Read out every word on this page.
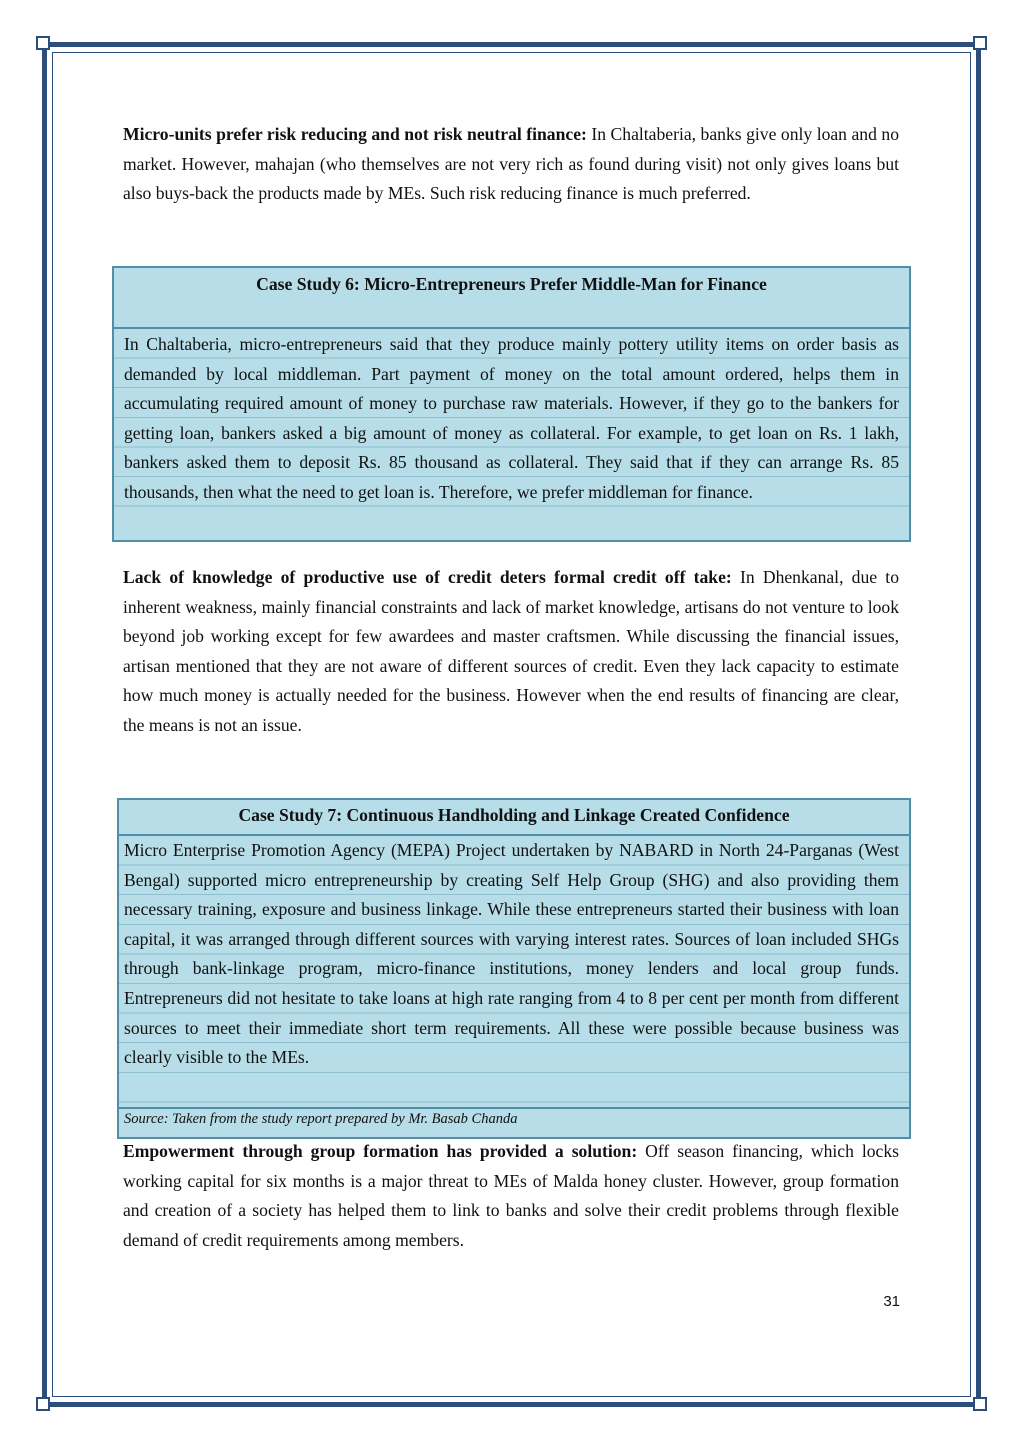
Micro-units prefer risk reducing and not risk neutral finance: In Chaltaberia, banks give only loan and no market. However, mahajan (who themselves are not very rich as found during visit) not only gives loans but also buys-back the products made by MEs. Such risk reducing finance is much preferred.

Case Study 6: Micro-Entrepreneurs Prefer Middle-Man for Finance
In Chaltaberia, micro-entrepreneurs said that they produce mainly pottery utility items on order basis as demanded by local middleman. Part payment of money on the total amount ordered, helps them in accumulating required amount of money to purchase raw materials. However, if they go to the bankers for getting loan, bankers asked a big amount of money as collateral. For example, to get loan on Rs. 1 lakh, bankers asked them to deposit Rs. 85 thousand as collateral. They said that if they can arrange Rs. 85 thousands, then what the need to get loan is. Therefore, we prefer middleman for finance.

Lack of knowledge of productive use of credit deters formal credit off take: In Dhenkanal, due to inherent weakness, mainly financial constraints and lack of market knowledge, artisans do not venture to look beyond job working except for few awardees and master craftsmen. While discussing the financial issues, artisan mentioned that they are not aware of different sources of credit. Even they lack capacity to estimate how much money is actually needed for the business. However when the end results of financing are clear, the means is not an issue.

Case Study 7: Continuous Handholding and Linkage Created Confidence
Micro Enterprise Promotion Agency (MEPA) Project undertaken by NABARD in North 24-Parganas (West Bengal) supported micro entrepreneurship by creating Self Help Group (SHG) and also providing them necessary training, exposure and business linkage. While these entrepreneurs started their business with loan capital, it was arranged through different sources with varying interest rates. Sources of loan included SHGs through bank-linkage program, micro-finance institutions, money lenders and local group funds. Entrepreneurs did not hesitate to take loans at high rate ranging from 4 to 8 per cent per month from different sources to meet their immediate short term requirements. All these were possible because business was clearly visible to the MEs.
Source: Taken from the study report prepared by Mr. Basab Chanda

Empowerment through group formation has provided a solution: Off season financing, which locks working capital for six months is a major threat to MEs of Malda honey cluster. However, group formation and creation of a society has helped them to link to banks and solve their credit problems through flexible demand of credit requirements among members.

31
